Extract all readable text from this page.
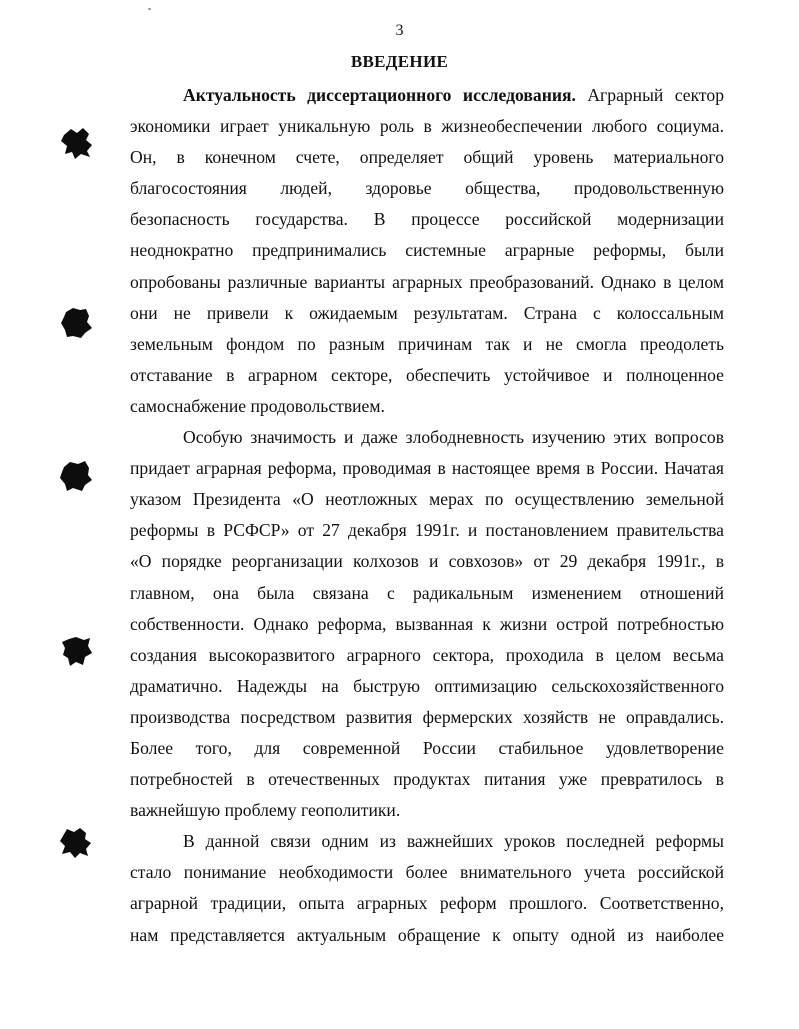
3
ВВЕДЕНИЕ
Актуальность диссертационного исследования. Аграрный сектор
экономики играет уникальную роль в жизнеобеспечении любого социума.
Он, в конечном счете, определяет общий уровень материального
благосостояния людей, здоровье общества, продовольственную
безопасность государства. В процессе российской модернизации
неоднократно предпринимались системные аграрные реформы, были
опробованы различные варианты аграрных преобразований. Однако в целом
они не привели к ожидаемым результатам. Страна с колоссальным
земельным фондом по разным причинам так и не смогла преодолеть
отставание в аграрном секторе, обеспечить устойчивое и полноценное
самоснабжение продовольствием.
Особую значимость и даже злободневность изучению этих вопросов
придает аграрная реформа, проводимая в настоящее время в России. Начатая
указом Президента «О неотложных мерах по осуществлению земельной
реформы в РСФСР» от 27 декабря 1991г. и постановлением правительства
«О порядке реорганизации колхозов и совхозов» от 29 декабря 1991г., в
главном, она была связана с радикальным изменением отношений
собственности. Однако реформа, вызванная к жизни острой потребностью
создания высокоразвитого аграрного сектора, проходила в целом весьма
драматично. Надежды на быструю оптимизацию сельскохозяйственного
производства посредством развития фермерских хозяйств не оправдались.
Более того, для современной России стабильное удовлетворение
потребностей в отечественных продуктах питания уже превратилось в
важнейшую проблему геополитики.
В данной связи одним из важнейших уроков последней реформы
стало понимание необходимости более внимательного учета российской
аграрной традиции, опыта аграрных реформ прошлого. Соответственно,
нам представляется актуальным обращение к опыту одной из наиболее
